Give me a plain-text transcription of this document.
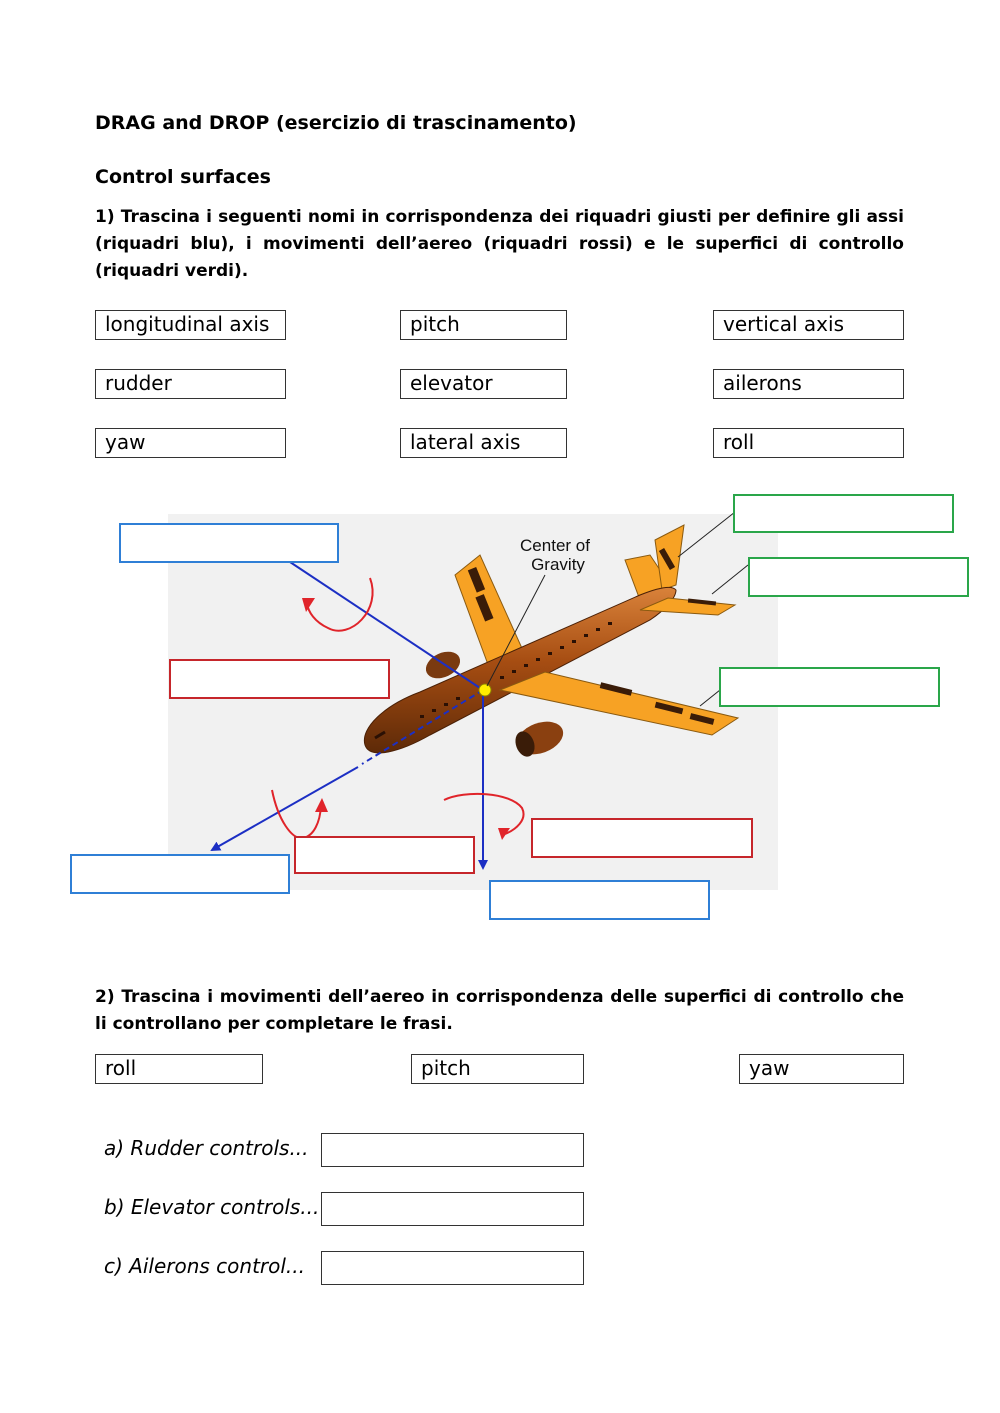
DRAG and DROP (esercizio di trascinamento)
Control surfaces
1) Trascina i seguenti nomi in corrispondenza dei riquadri giusti per definire gli assi (riquadri blu), i movimenti dell’aereo (riquadri rossi) e le superfici di controllo (riquadri verdi).
longitudinal axis	pitch	vertical axis
rudder	elevator	ailerons
yaw	lateral axis	roll
Center of
Gravity
2) Trascina i movimenti dell’aereo in corrispondenza delle superfici di controllo che li controllano per completare le frasi.
roll	pitch	yaw
a) Rudder controls...
b) Elevator controls...
c) Ailerons control...
